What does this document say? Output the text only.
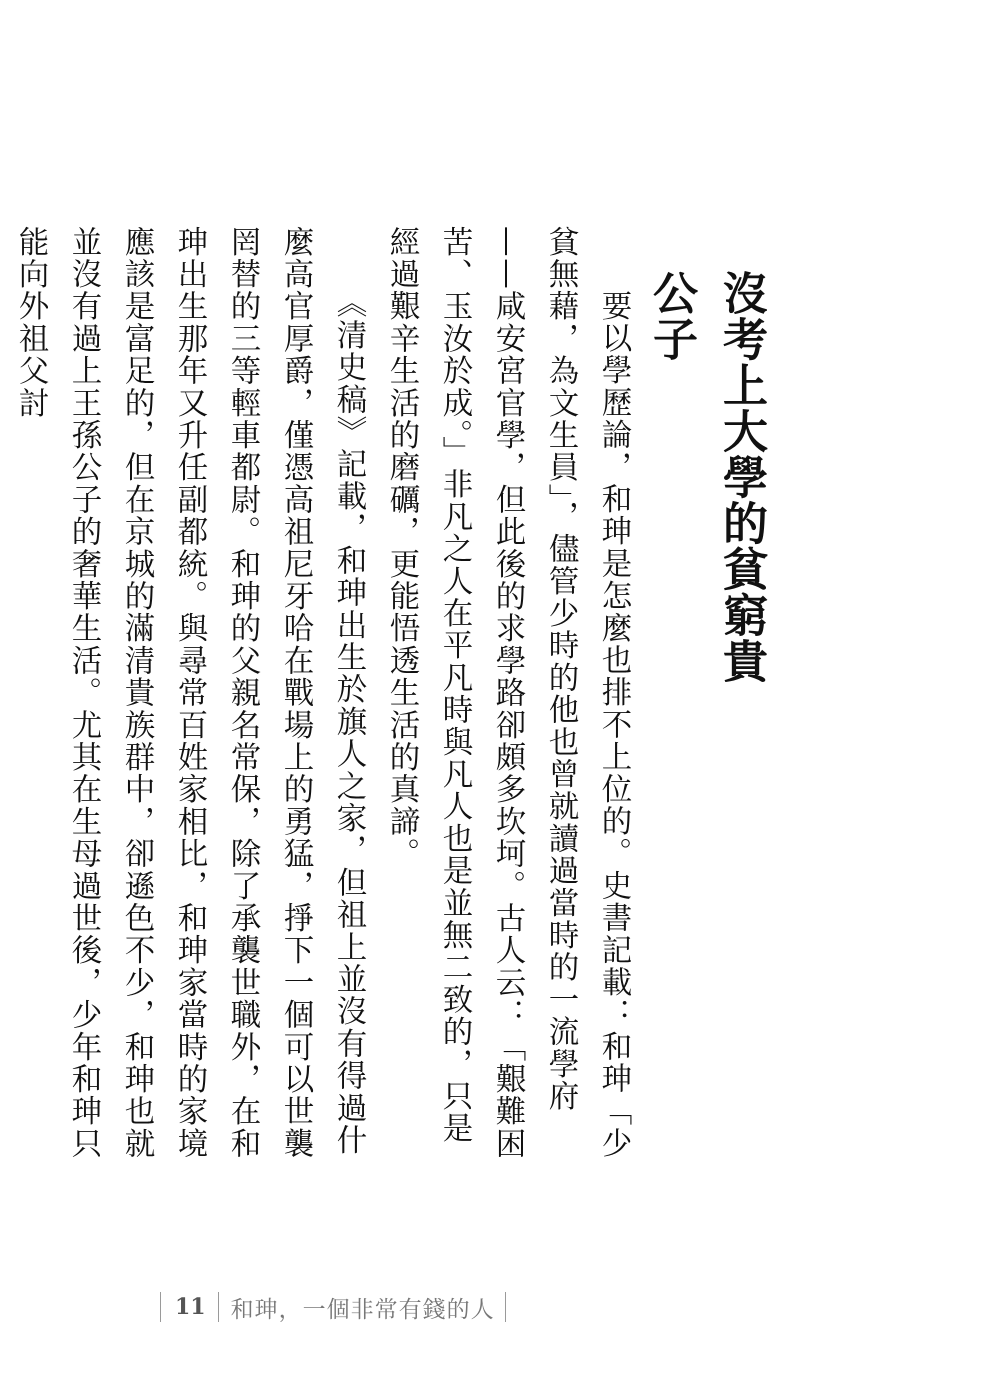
沒考上大學的貧窮貴公子

要以學歷論，和珅是怎麼也排不上位的。史書記載：和珅「少貧無藉，為文生員」，儘管少時的他也曾就讀過當時的一流學府——咸安宮官學，但此後的求學路卻頗多坎坷。古人云：「艱難困苦、玉汝於成。」非凡之人在平凡時與凡人也是並無二致的，只是經過艱辛生活的磨礪，更能悟透生活的真諦。

《清史稿》記載，和珅出生於旗人之家，但祖上並沒有得過什麼高官厚爵，僅憑高祖尼牙哈在戰場上的勇猛，掙下一個可以世襲罔替的三等輕車都尉。和珅的父親名常保，除了承襲世職外，在和珅出生那年又升任副都統。與尋常百姓家相比，和珅家當時的家境應該是富足的，但在京城的滿清貴族群中，卻遜色不少，和珅也就並沒有過上王孫公子的奢華生活。尤其在生母過世後，少年和珅只能向外祖父討

11	和珅，一個非常有錢的人
